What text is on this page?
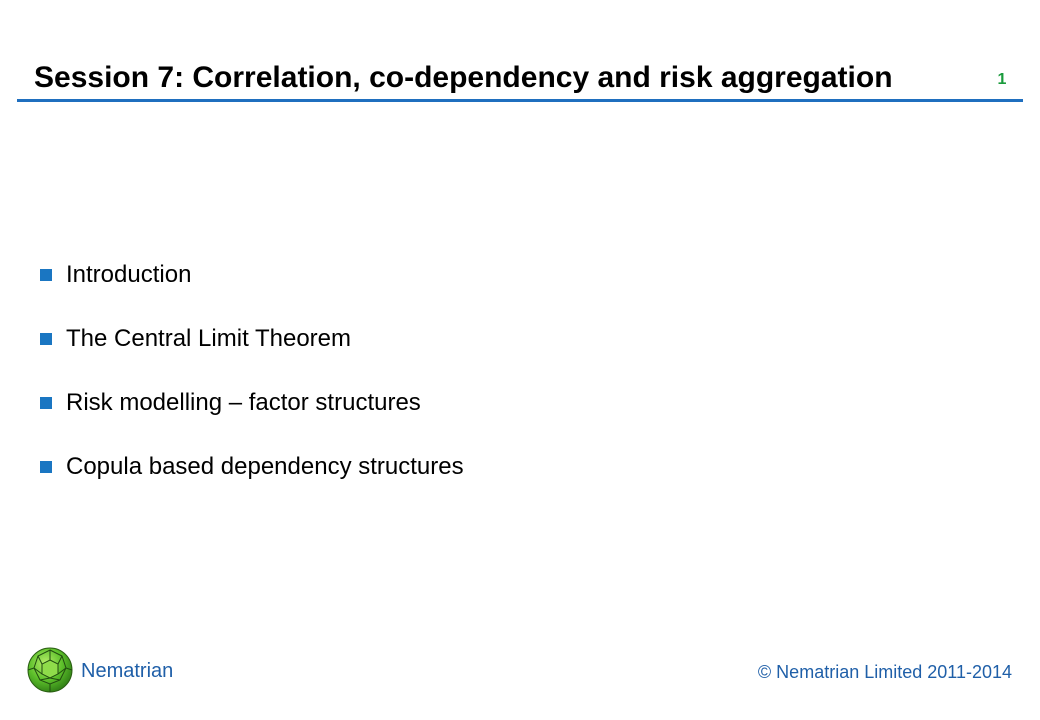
Session 7: Correlation, co-dependency and risk aggregation	1
Introduction
The Central Limit Theorem
Risk modelling – factor structures
Copula based dependency structures
Nematrian	© Nematrian Limited 2011-2014
